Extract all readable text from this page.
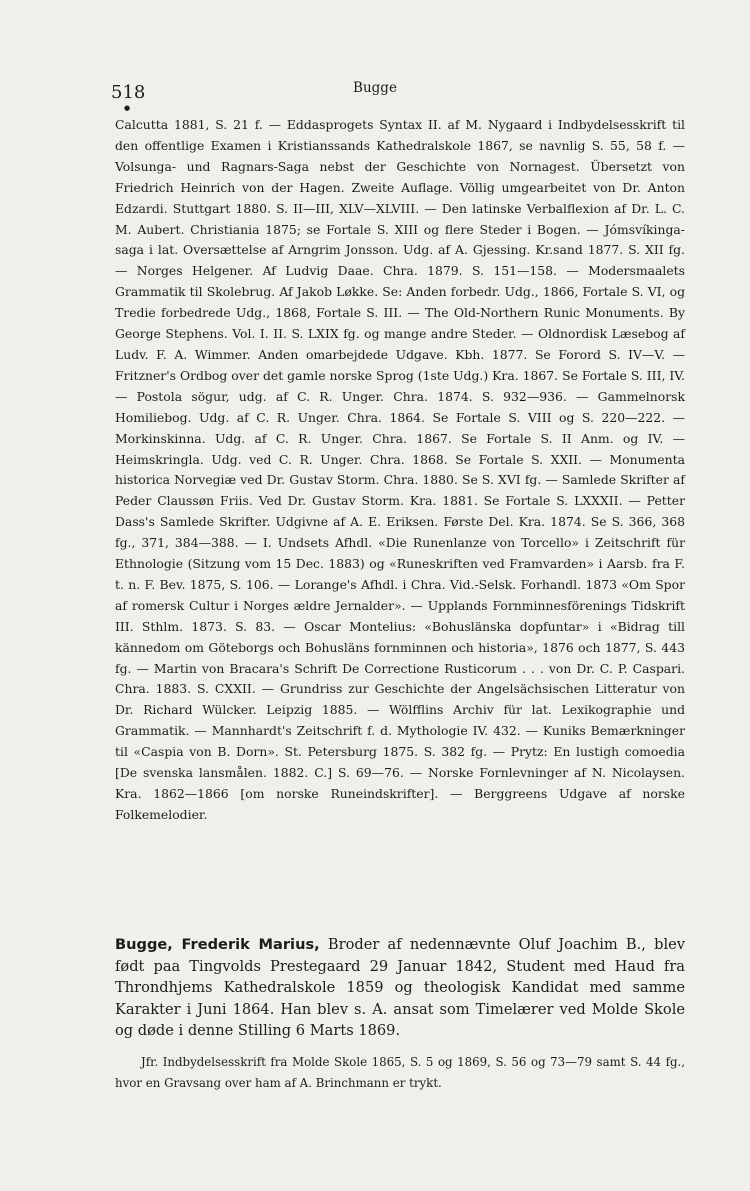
518	Bugge
●

Calcutta 1881, S. 21 f. — Eddasprogets Syntax II. af M. Nygaard i Indbydelsesskrift til den offentlige Examen i Kristianssands Kathedralskole 1867, se navnlig S. 55, 58 f. — Volsunga- und Ragnars-Saga nebst der Geschichte von Nornagest. Übersetzt von Friedrich Heinrich von der Hagen. Zweite Auflage. Völlig umgearbeitet von Dr. Anton Edzardi. Stuttgart 1880. S. II—III, XLV—XLVIII. — Den latinske Verbalflexion af Dr. L. C. M. Aubert. Christiania 1875; se Fortale S. XIII og flere Steder i Bogen. — Jómsvíkinga-saga i lat. Oversættelse af Arngrim Jonsson. Udg. af A. Gjessing. Kr.sand 1877. S. XII fg. — Norges Helgener. Af Ludvig Daae. Chra. 1879. S. 151—158. — Modersmaalets Grammatik til Skolebrug. Af Jakob Løkke. Se: Anden forbedr. Udg., 1866, Fortale S. VI, og Tredie forbedrede Udg., 1868, Fortale S. III. — The Old-Northern Runic Monuments. By George Stephens. Vol. I. II. S. LXIX fg. og mange andre Steder. — Oldnordisk Læsebog af Ludv. F. A. Wimmer. Anden omarbejdede Udgave. Kbh. 1877. Se Forord S. IV—V. — Fritzner's Ordbog over det gamle norske Sprog (1ste Udg.) Kra. 1867. Se Fortale S. III, IV. — Postola sögur, udg. af C. R. Unger. Chra. 1874. S. 932—936. — Gammelnorsk Homiliebog. Udg. af C. R. Unger. Chra. 1864. Se Fortale S. VIII og S. 220—222. — Morkinskinna. Udg. af C. R. Unger. Chra. 1867. Se Fortale S. II Anm. og IV. — Heimskringla. Udg. ved C. R. Unger. Chra. 1868. Se Fortale S. XXII. — Monumenta historica Norvegiæ ved Dr. Gustav Storm. Chra. 1880. Se S. XVI fg. — Samlede Skrifter af Peder Claussøn Friis. Ved Dr. Gustav Storm. Kra. 1881. Se Fortale S. LXXXII. — Petter Dass's Samlede Skrifter. Udgivne af A. E. Eriksen. Første Del. Kra. 1874. Se S. 366, 368 fg., 371, 384—388. — I. Undsets Afhdl. «Die Runenlanze von Torcello» i Zeitschrift für Ethnologie (Sitzung vom 15 Dec. 1883) og «Runeskriften ved Framvarden» i Aarsb. fra F. t. n. F. Bev. 1875, S. 106. — Lorange's Afhdl. i Chra. Vid.-Selsk. Forhandl. 1873 «Om Spor af romersk Cultur i Norges ældre Jernalder». — Upplands Fornminnesförenings Tidskrift III. Sthlm. 1873. S. 83. — Oscar Montelius: «Bohuslänska dopfuntar» i «Bidrag till kännedom om Göteborgs och Bohusläns fornminnen och historia», 1876 och 1877, S. 443 fg. — Martin von Bracara's Schrift De Correctione Rusticorum . . . von Dr. C. P. Caspari. Chra. 1883. S. CXXII. — Grundriss zur Geschichte der Angelsächsischen Litteratur von Dr. Richard Wülcker. Leipzig 1885. — Wölfflins Archiv für lat. Lexikographie und Grammatik. — Mannhardt's Zeitschrift f. d. Mythologie IV. 432. — Kuniks Bemærkninger til «Caspia von B. Dorn». St. Petersburg 1875. S. 382 fg. — Prytz: En lustigh comoedia [De svenska lansmålen. 1882. C.] S. 69—76. — Norske Fornlevninger af N. Nicolaysen. Kra. 1862—1866 [om norske Runeindskrifter]. — Berggreens Udgave af norske Folkemelodier.

Bugge, Frederik Marius, Broder af nedennævnte Oluf Joachim B., blev født paa Tingvolds Prestegaard 29 Januar 1842, Student med Haud fra Throndhjems Kathedralskole 1859 og theologisk Kandidat med samme Karakter i Juni 1864. Han blev s. A. ansat som Timelærer ved Molde Skole og døde i denne Stilling 6 Marts 1869.

Jfr. Indbydelsesskrift fra Molde Skole 1865, S. 5 og 1869, S. 56 og 73—79 samt S. 44 fg., hvor en Gravsang over ham af A. Brinchmann er trykt.
